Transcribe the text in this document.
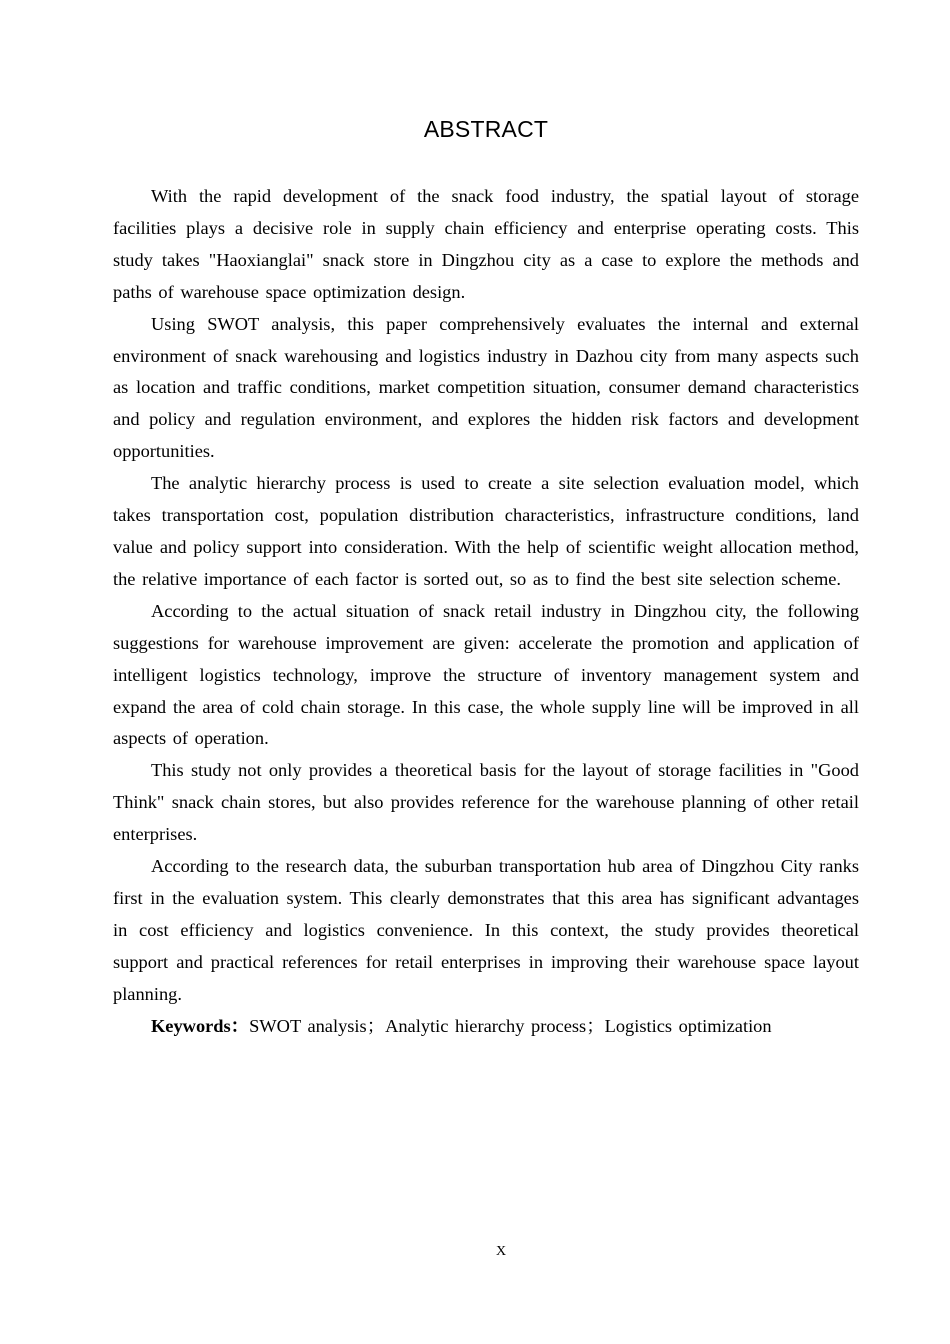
ABSTRACT

With the rapid development of the snack food industry, the spatial layout of storage facilities plays a decisive role in supply chain efficiency and enterprise operating costs. This study takes "Haoxianglai" snack store in Dingzhou city as a case to explore the methods and paths of warehouse space optimization design.

Using SWOT analysis, this paper comprehensively evaluates the internal and external environment of snack warehousing and logistics industry in Dazhou city from many aspects such as location and traffic conditions, market competition situation, consumer demand characteristics and policy and regulation environment, and explores the hidden risk factors and development opportunities.

The analytic hierarchy process is used to create a site selection evaluation model, which takes transportation cost, population distribution characteristics, infrastructure conditions, land value and policy support into consideration. With the help of scientific weight allocation method, the relative importance of each factor is sorted out, so as to find the best site selection scheme.

According to the actual situation of snack retail industry in Dingzhou city, the following suggestions for warehouse improvement are given: accelerate the promotion and application of intelligent logistics technology, improve the structure of inventory management system and expand the area of cold chain storage. In this case, the whole supply line will be improved in all aspects of operation.

This study not only provides a theoretical basis for the layout of storage facilities in "Good Think" snack chain stores, but also provides reference for the warehouse planning of other retail enterprises.

According to the research data, the suburban transportation hub area of Dingzhou City ranks first in the evaluation system. This clearly demonstrates that this area has significant advantages in cost efficiency and logistics convenience. In this context, the study provides theoretical support and practical references for retail enterprises in improving their warehouse space layout planning.

Keywords：SWOT analysis；Analytic hierarchy process；Logistics optimization

X
